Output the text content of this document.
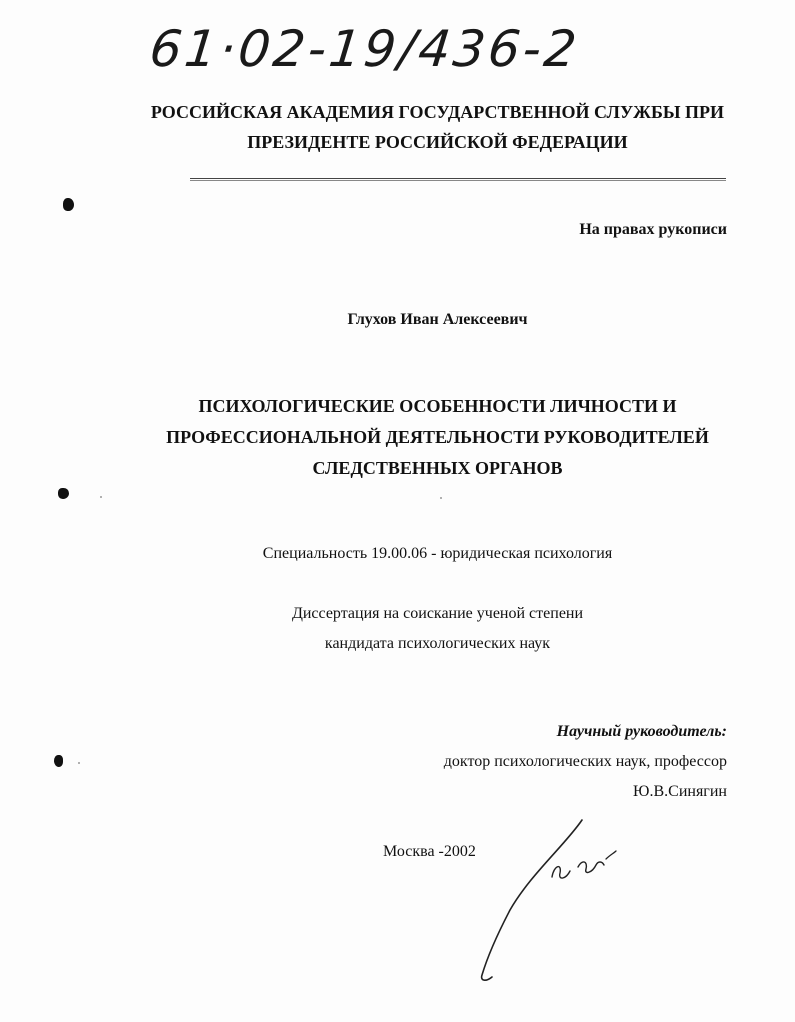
61·02-19/436-2
РОССИЙСКАЯ АКАДЕМИЯ ГОСУДАРСТВЕННОЙ СЛУЖБЫ ПРИ
ПРЕЗИДЕНТЕ РОССИЙСКОЙ ФЕДЕРАЦИИ
На правах рукописи
Глухов Иван Алексеевич
ПСИХОЛОГИЧЕСКИЕ ОСОБЕННОСТИ ЛИЧНОСТИ И
ПРОФЕССИОНАЛЬНОЙ ДЕЯТЕЛЬНОСТИ РУКОВОДИТЕЛЕЙ
СЛЕДСТВЕННЫХ ОРГАНОВ
Специальность 19.00.06 - юридическая психология
Диссертация на соискание ученой степени
кандидата психологических наук
Научный руководитель:
доктор психологических наук, профессор
Ю.В.Синягин
Москва -2002
